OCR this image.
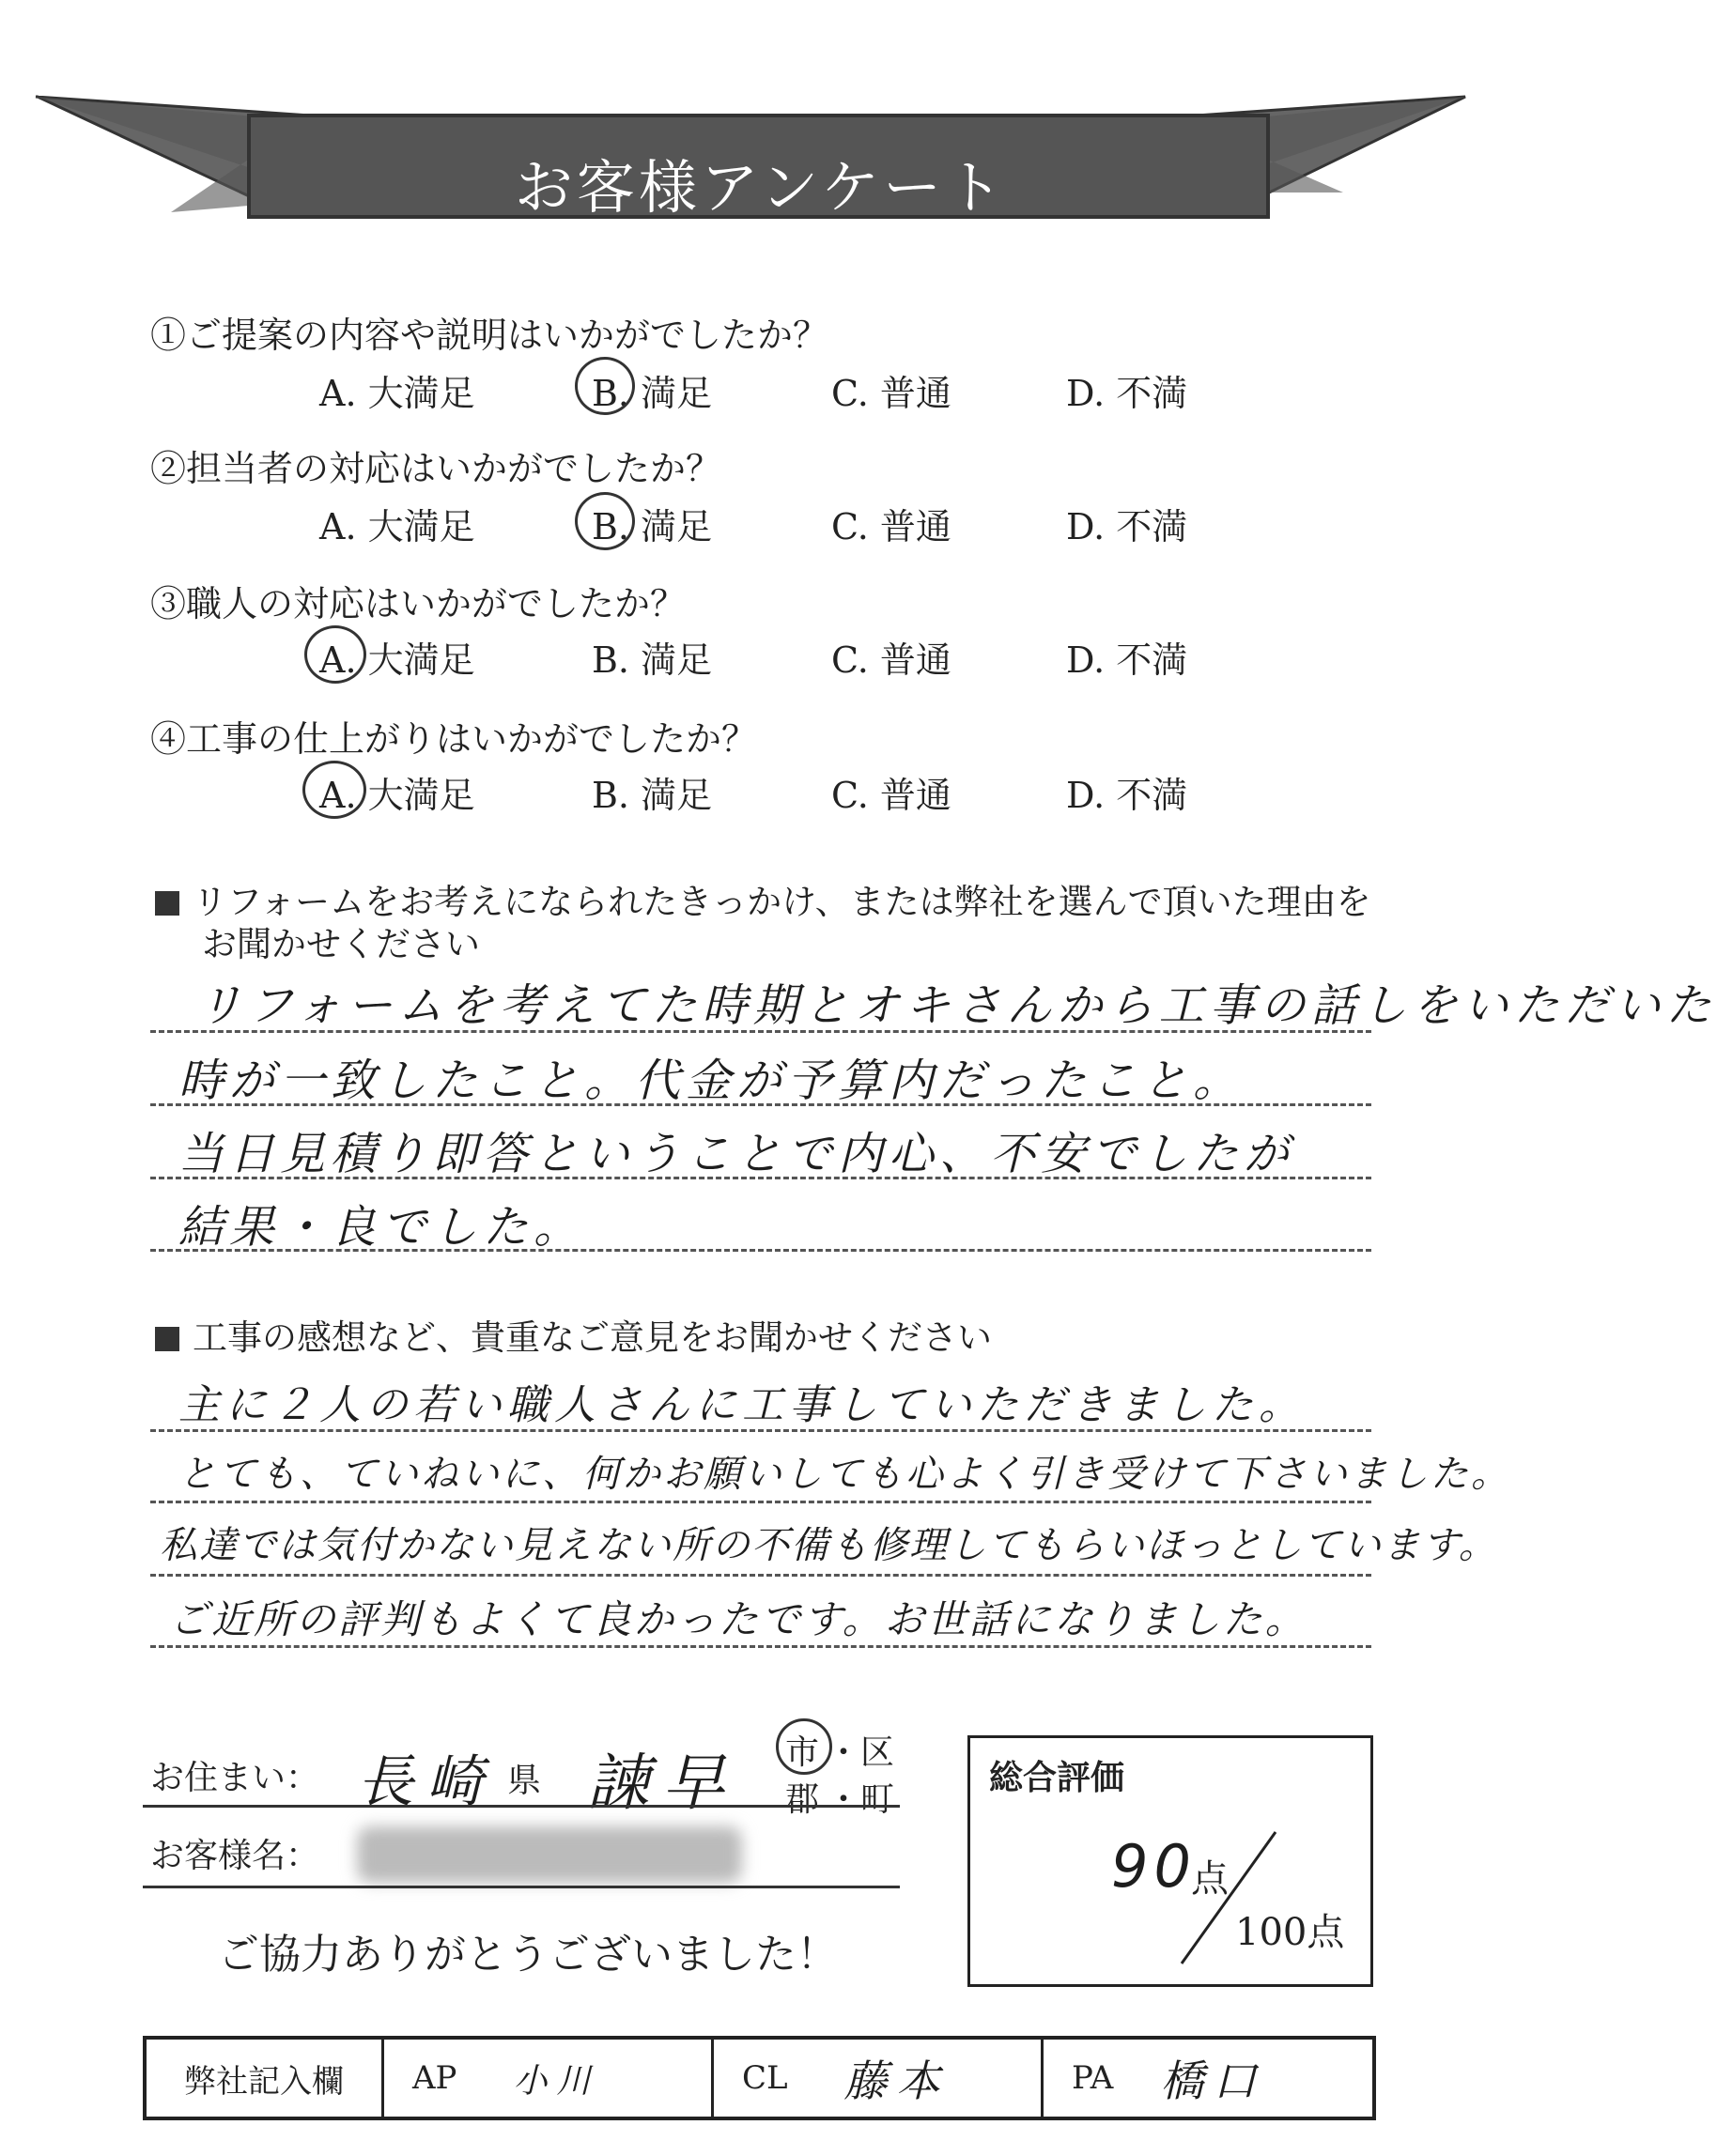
お客様アンケート
①ご提案の内容や説明はいかがでしたか？
A. 大満足	B. 満足	C. 普通	D. 不満
②担当者の対応はいかがでしたか？
A. 大満足	B. 満足	C. 普通	D. 不満
③職人の対応はいかがでしたか？
A. 大満足	B. 満足	C. 普通	D. 不満
④工事の仕上がりはいかがでしたか？
A. 大満足	B. 満足	C. 普通	D. 不満
リフォームをお考えになられたきっかけ、または弊社を選んで頂いた理由を
お聞かせください
リフォームを考えてた時期とオキさんから工事の話しをいただいた
時が一致したこと。代金が予算内だったこと。
当日見積り即答ということで内心、不安でしたが
結果・良でした。
工事の感想など、貴重なご意見をお聞かせください
主に２人の若い職人さんに工事していただきました。
とても、ていねいに、何かお願いしても心よく引き受けて下さいました。
私達では気付かない見えない所の不備も修理してもらいほっとしています。
ご近所の評判もよくて良かったです。お世話になりました。
お住まい： 長崎 県 諫早 市 ・区
郡 ・町
お客様名：
ご協力ありがとうございました！
総合評価
90
点
100点
弊社記入欄	AP 小川	CL 藤本	PA 橋口
